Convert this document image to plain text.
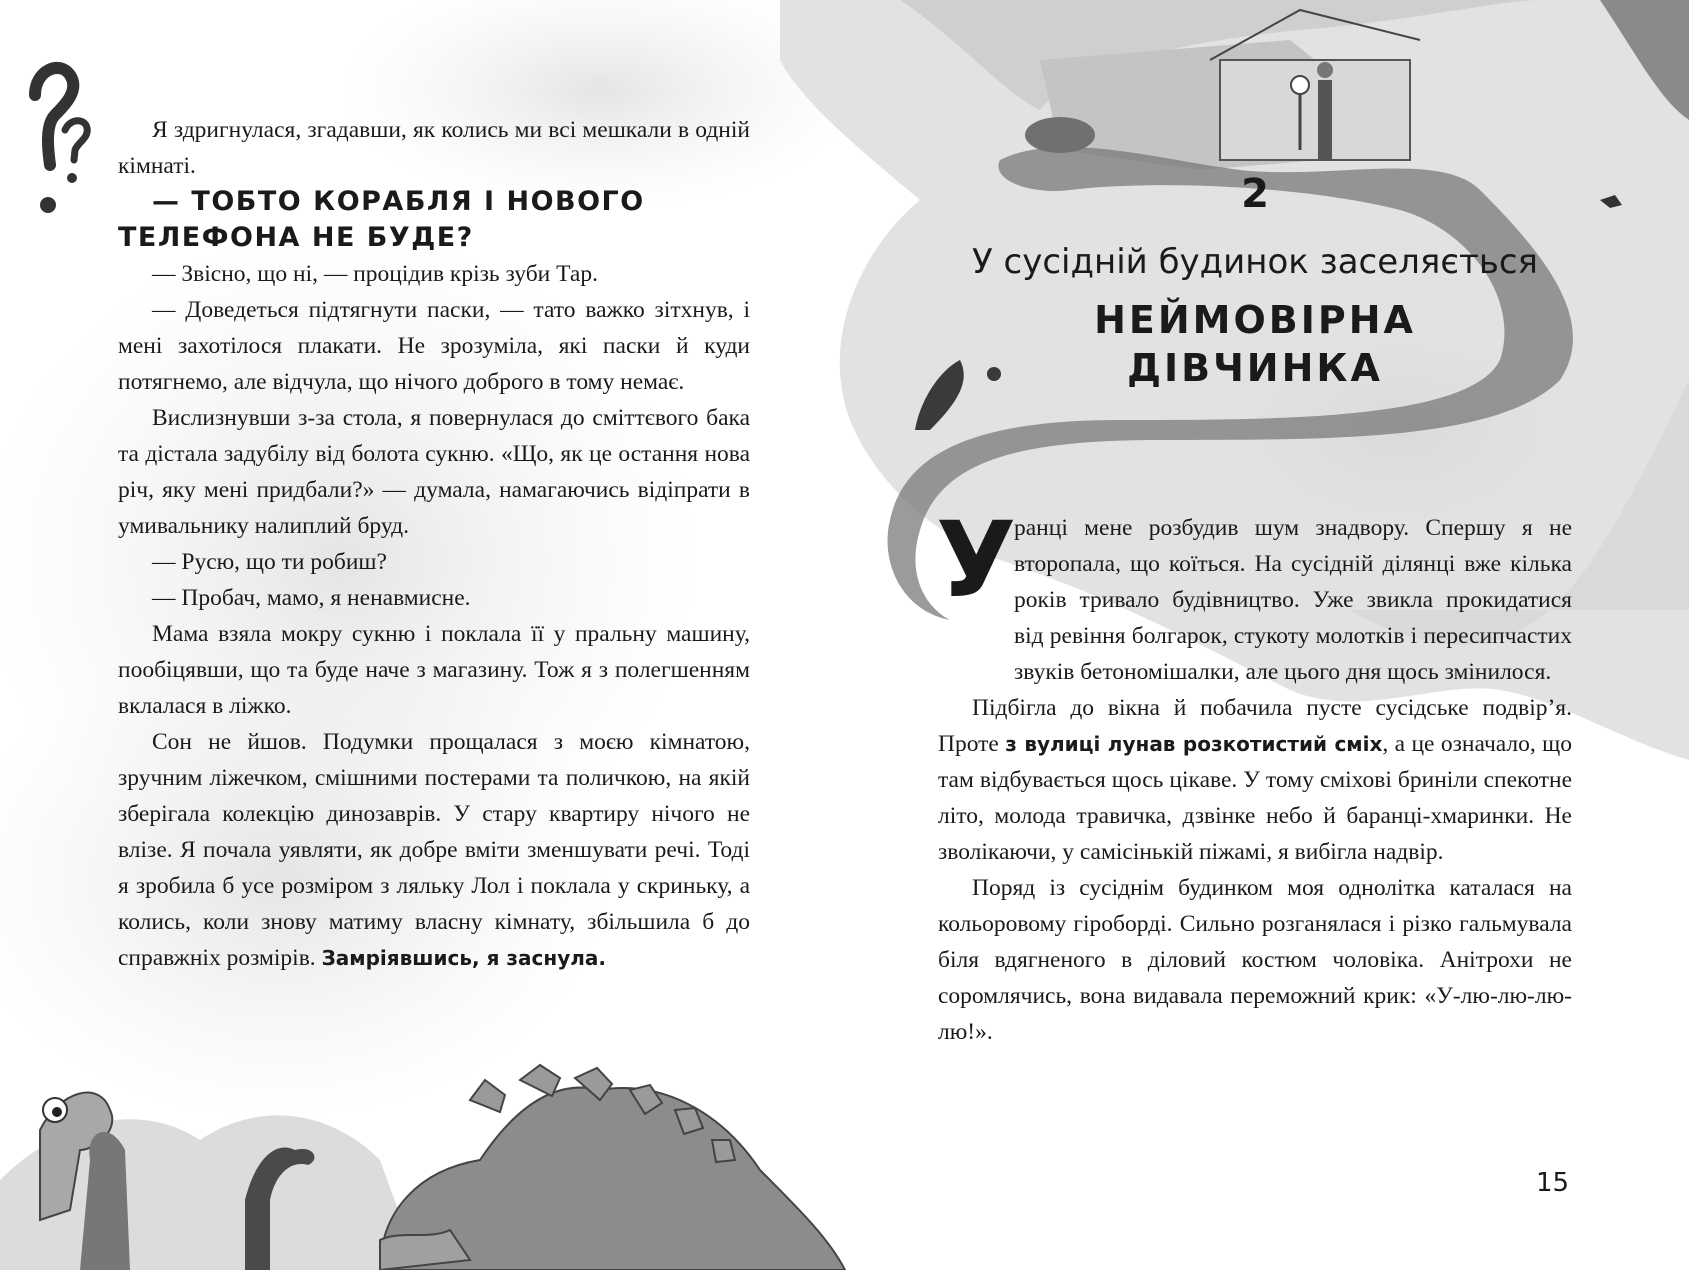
Я здригнулася, згадавши, як колись ми всі мешкали в одній кімнаті.

— ТОБТО КОРАБЛЯ І НОВОГО ТЕЛЕФОНА НЕ БУДЕ?

— Звісно, що ні, — процідив крізь зуби Тар.

— Доведеться підтягнути паски, — тато важко зітхнув, і мені захотілося плакати. Не зрозуміла, які паски й куди потягнемо, але відчула, що нічого доброго в тому немає.

Вислизнувши з-за стола, я повернулася до сміттєвого бака та дістала задубілу від болота сукню. «Що, як це остання нова річ, яку мені придбали?» — думала, намагаючись відіпрати в умивальнику налиплий бруд.

— Русю, що ти робиш?

— Пробач, мамо, я ненавмисне.

Мама взяла мокру сукню і поклала її у пральну машину, пообіцявши, що та буде наче з магазину. Тож я з полегшенням вклалася в ліжко.

Сон не йшов. Подумки прощалася з моєю кімнатою, зручним ліжечком, смішними постерами та поличкою, на якій зберігала колекцію динозаврів. У стару квартиру нічого не влізе. Я почала уявляти, як добре вміти зменшувати речі. Тоді я зробила б усе розміром з ляльку Лол і поклала у скриньку, а колись, коли знову матиму власну кімнату, збільшила б до справжніх розмірів. Замріявшись, я заснула.

2
У сусідній будинок заселяється
НЕЙМОВІРНА ДІВЧИНКА
У

ранці мене розбудив шум знадвору. Спершу я не второпала, що коїться. На сусідній ділянці вже кілька років тривало будівництво. Уже звикла прокидатися від ревіння болгарок, стукоту молотків і пересипчастих звуків бетономішалки, але цього дня щось змінилося.

Підбігла до вікна й побачила пусте сусідське подвір’я. Проте з вулиці лунав розкотистий сміх, а це означало, що там відбувається щось цікаве. У тому сміхові бриніли спекотне літо, молода травичка, дзвінке небо й баранці-хмаринки. Не зволікаючи, у самісінькій піжамі, я вибігла надвір.

Поряд із сусіднім будинком моя однолітка каталася на кольоровому гіроборді. Сильно розганялася і різко гальмувала біля вдягненого в діловий костюм чоловіка. Анітрохи не соромлячись, вона видавала переможний крик: «У-лю-лю-лю-лю!».

15
